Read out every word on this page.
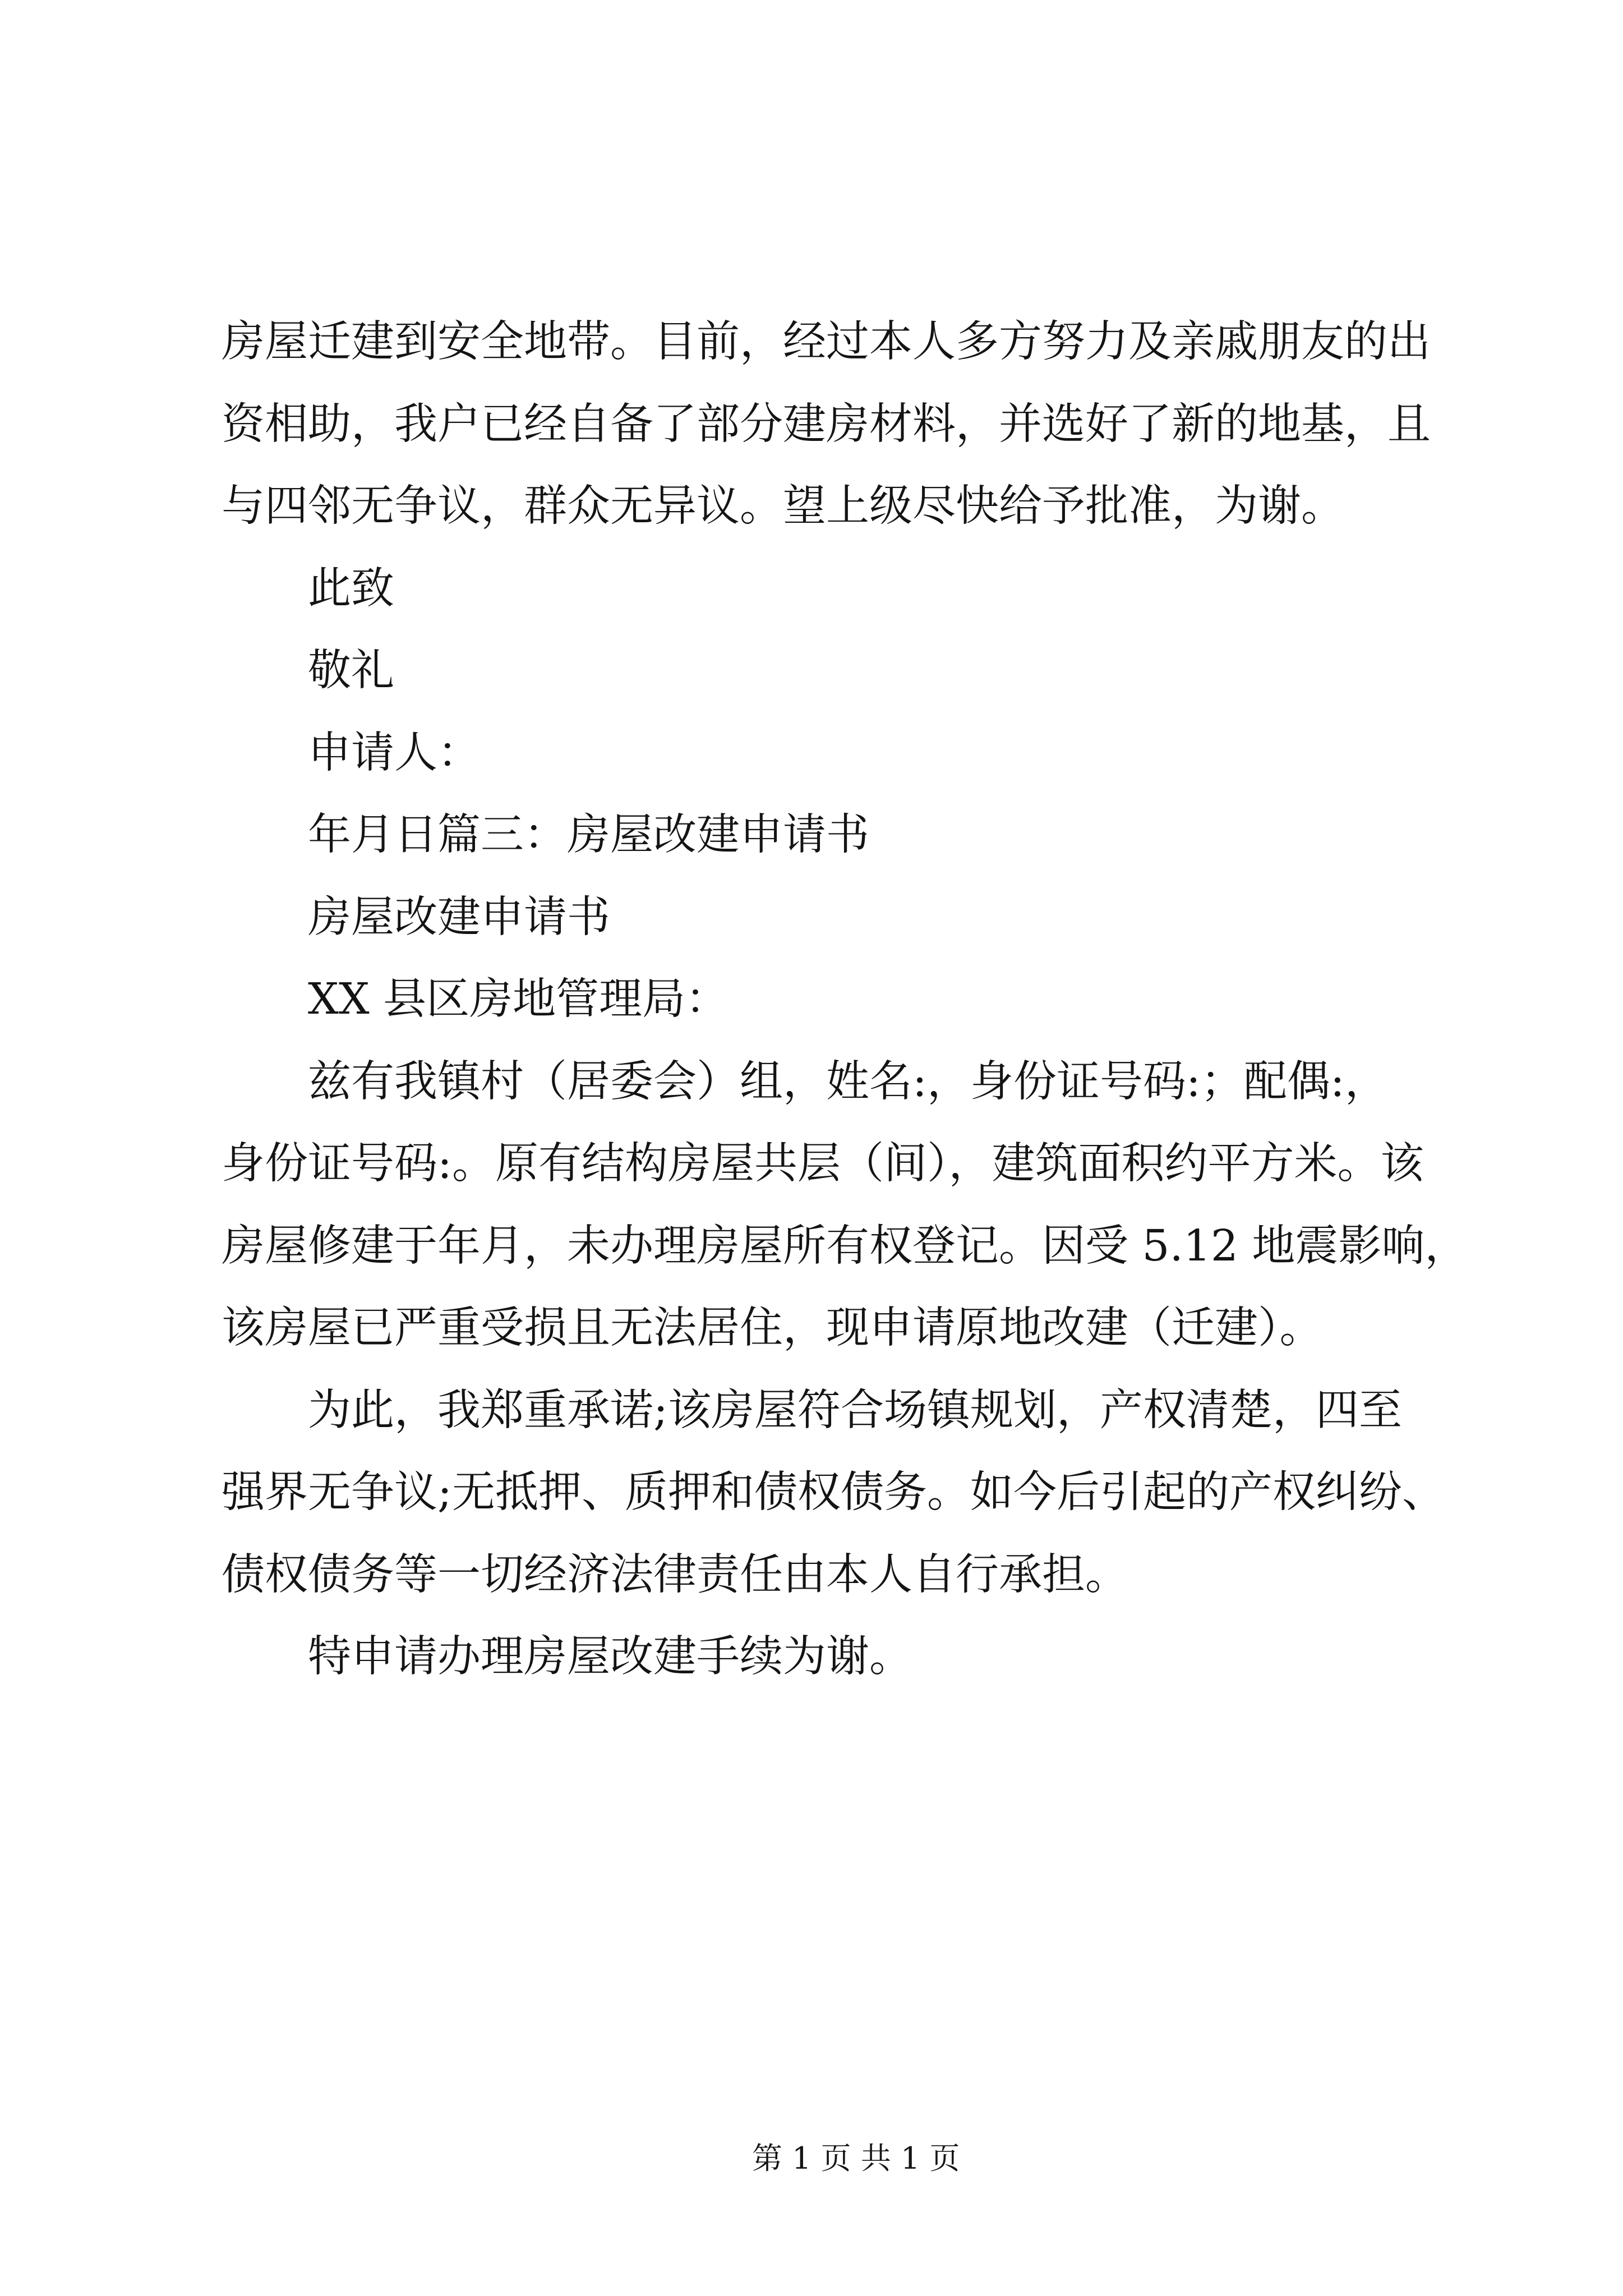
房屋迁建到安全地带。目前，经过本人多方努力及亲戚朋友的出
资相助，我户已经自备了部分建房材料，并选好了新的地基，且
与四邻无争议，群众无异议。望上级尽快给予批准，为谢。
此致
敬礼
申请人：
年月日篇三：房屋改建申请书
房屋改建申请书
XX 县区房地管理局：
兹有我镇村（居委会）组，姓名:，身份证号码:；配偶:，
身份证号码:。原有结构房屋共层（间），建筑面积约平方米。该
房屋修建于年月，未办理房屋所有权登记。因受 5.12 地震影响，
该房屋已严重受损且无法居住，现申请原地改建（迁建）。
为此，我郑重承诺;该房屋符合场镇规划，产权清楚，四至
强界无争议;无抵押、质押和债权债务。如今后引起的产权纠纷、
债权债务等一切经济法律责任由本人自行承担。
特申请办理房屋改建手续为谢。
第 1 页 共 1 页
